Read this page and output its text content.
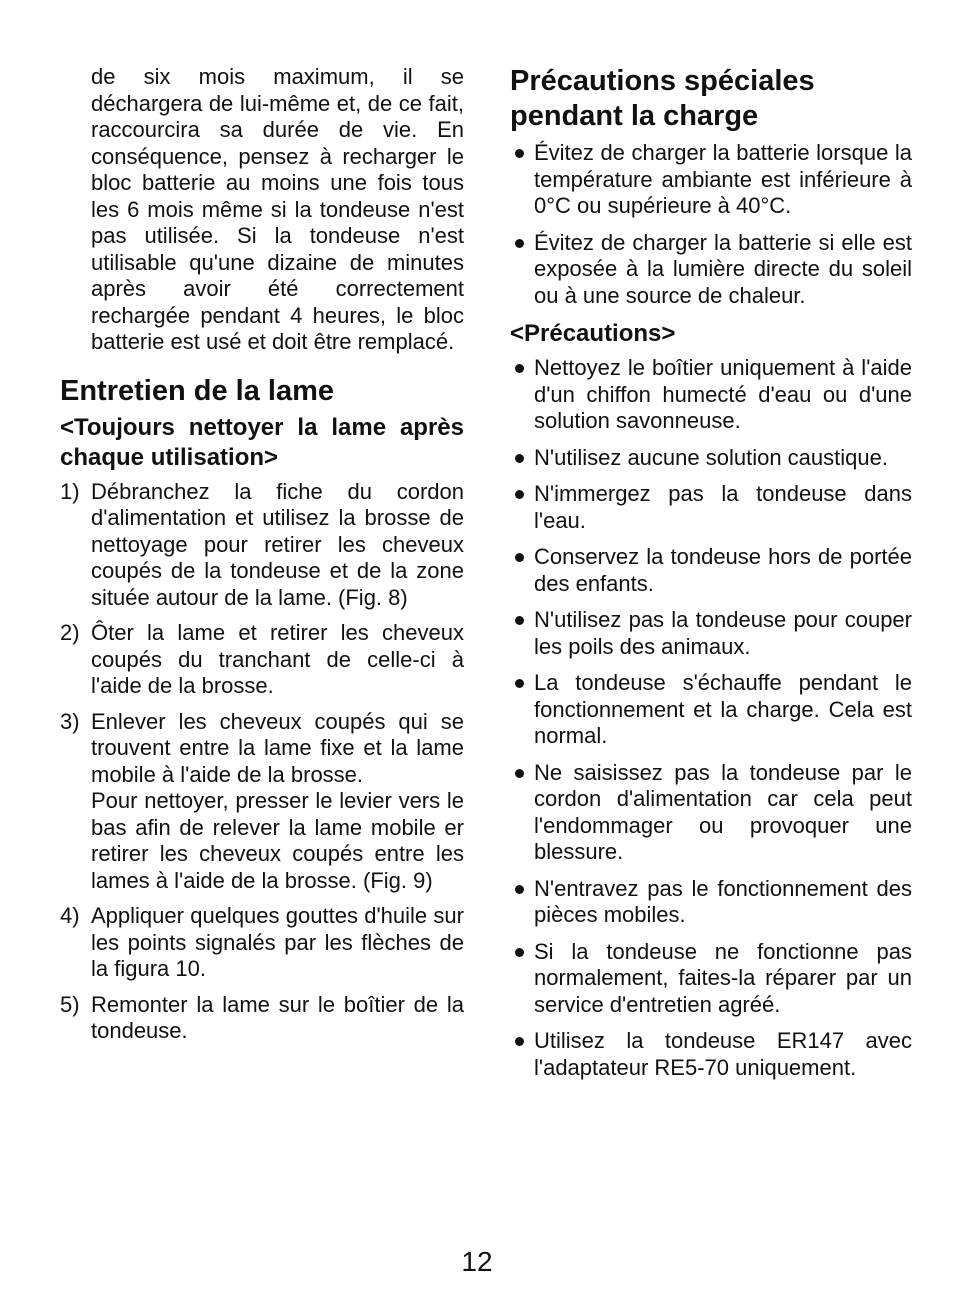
de six mois maximum, il se déchargera de lui-même et, de ce fait, raccourcira sa durée de vie. En conséquence, pensez à recharger le bloc batterie au moins une fois tous les 6 mois même si la tondeuse n'est pas utilisée. Si la tondeuse n'est utilisable qu'une dizaine de minutes après avoir été correctement rechargée pendant 4 heures, le bloc batterie est usé et doit être remplacé.

Entretien de la lame
<Toujours nettoyer la lame après chaque utilisation>
1) Débranchez la fiche du cordon d'alimentation et utilisez la brosse de nettoyage pour retirer les cheveux coupés de la tondeuse et de la zone située autour de la lame. (Fig. 8)
2) Ôter la lame et retirer les cheveux coupés du tranchant de celle-ci à l'aide de la brosse.
3) Enlever les cheveux coupés qui se trouvent entre la lame fixe et la lame mobile à l'aide de la brosse.
Pour nettoyer, presser le levier vers le bas afin de relever la lame mobile er retirer les cheveux coupés entre les lames à l'aide de la brosse. (Fig. 9)
4) Appliquer quelques gouttes d'huile sur les points signalés par les flèches de la figura 10.
5) Remonter la lame sur le boîtier de la tondeuse.
Précautions spéciales pendant la charge
Évitez de charger la batterie lorsque la température ambiante est inférieure à 0°C ou supérieure à 40°C.
Évitez de charger la batterie si elle est exposée à la lumière directe du soleil ou à une source de chaleur.
<Précautions>
Nettoyez le boîtier uniquement à l'aide d'un chiffon humecté d'eau ou d'une solution savonneuse.
N'utilisez aucune solution caustique.
N'immergez pas la tondeuse dans l'eau.
Conservez la tondeuse hors de portée des enfants.
N'utilisez pas la tondeuse pour couper les poils des animaux.
La tondeuse s'échauffe pendant le fonctionnement et la charge. Cela est normal.
Ne saisissez pas la tondeuse par le cordon d'alimentation car cela peut l'endommager ou provoquer une blessure.
N'entravez pas le fonctionnement des pièces mobiles.
Si la tondeuse ne fonctionne pas normalement, faites-la réparer par un service d'entretien agréé.
Utilisez la tondeuse ER147 avec l'adaptateur RE5-70 uniquement.
12
